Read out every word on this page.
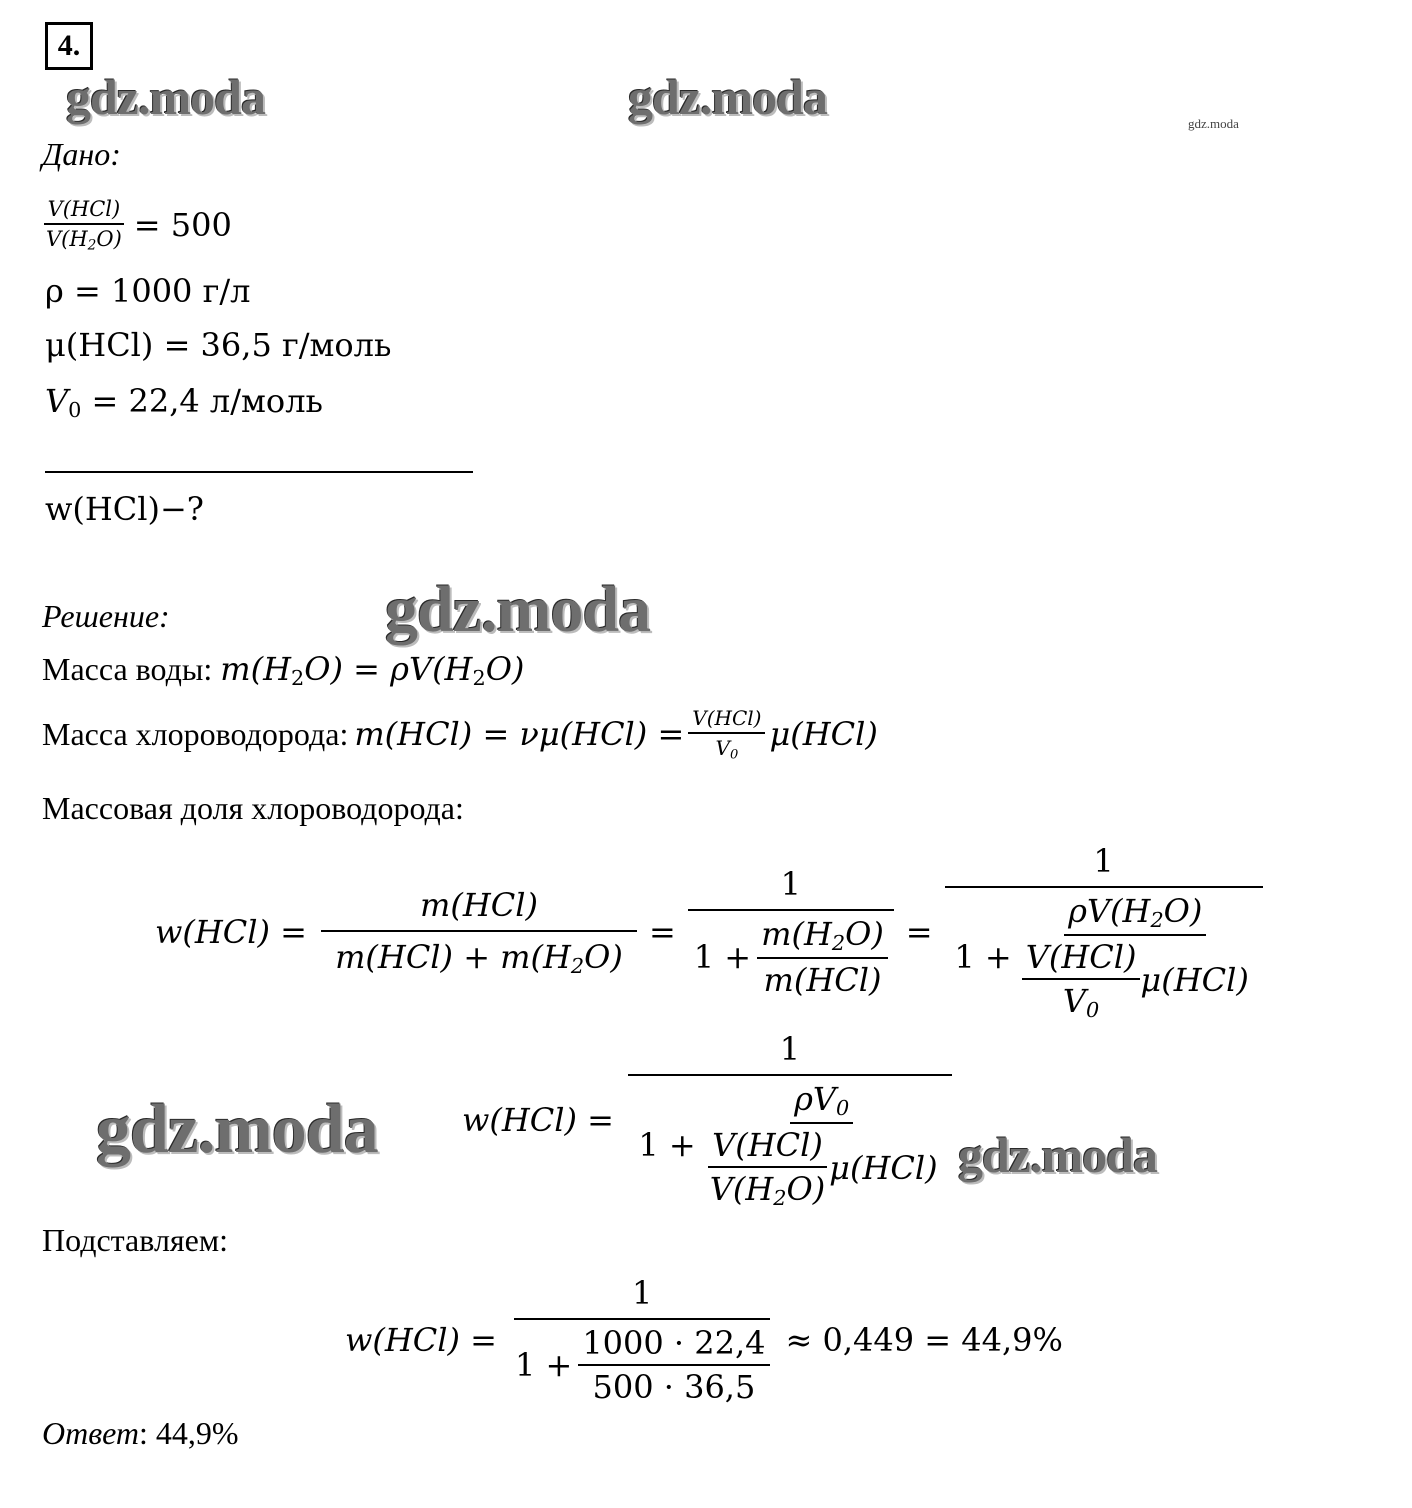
4.
gdz.moda	gdz.moda	gdz.moda
gdz.moda
gdz.moda	gdz.moda
Дано:
$\frac{\text{V(HCl)}}{V(H_2O)} = 500$
ρ = 1000 г/л
μ(HCl) = 36,5 г/моль
$V_0 = 22,4$ л/моль
w(HCl)−?
Решение:
Масса воды: $m(H_2O) = \rho V(H_2O)$
Масса хлороводорода: $m(HCl) = \nu\mu(HCl) = \frac{\text{V(HCl)}}{V_0} \mu(HCl)$
Массовая доля хлороводорода:
$w(HCl) = \frac{\text{m(HCl)}}{m(HCl) + m(H_2O)} = \frac{1}{1 + \frac{m(H_2O)}{\text{m(HCl)}}}$ =
1
$1 + \frac{\rho V(H_2O)}{\frac{\text{V(HCl)}}{V_0} \mu(HCl)}$
w(HCl) =
1
$1 + \frac{\rho V_0}{\frac{\text{V(HCl)}}{V(H_2O)} \mu(HCl)}$
Подставляем:
$w(HCl) = \frac{1}{1 + \frac{1000 \cdot 22,4}{500 \cdot 36,5}} \approx 0,449 = 44,9\%$
Ответ: 44,9%
